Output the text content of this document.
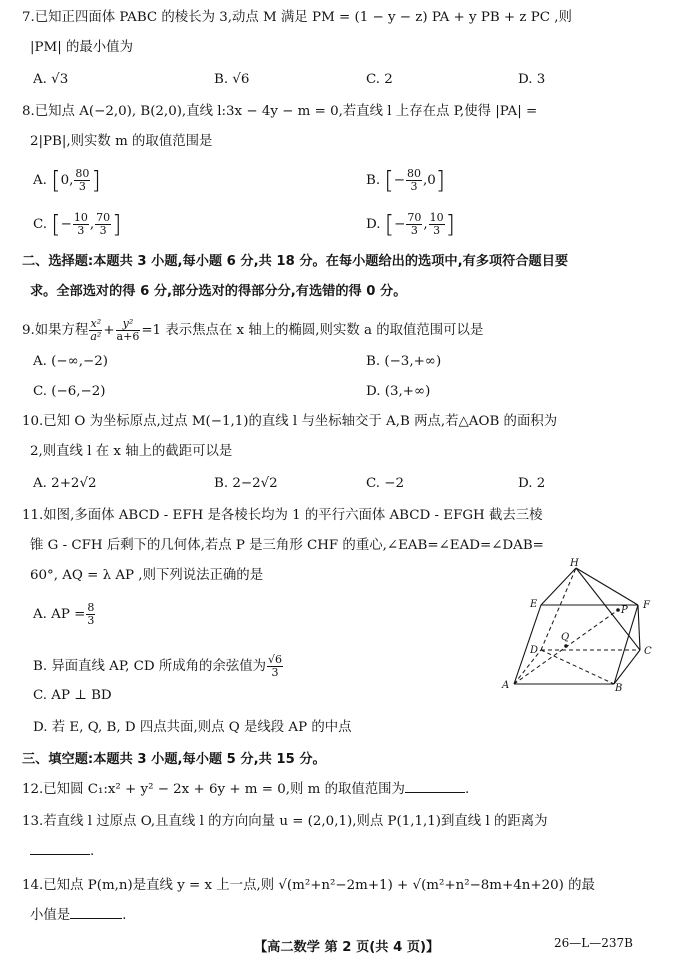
7.已知正四面体 PABC 的棱长为 3,动点 M 满足 PM = (1 − y − z) PA + y PB + z PC ,则
|PM| 的最小值为
A. √3	B. √6	C. 2	D. 3
8.已知点 A(−2,0), B(2,0),直线 l:3x − 4y − m = 0,若直线 l 上存在点 P,使得 |PA| =
2|PB|,则实数 m 的取值范围是
A. [0, $\frac{80}{3}$ ]	B. [− $\frac{80}{3} ,0$]
C. [− $\frac{10}{3}$ , $\frac{70}{3}$ ]	D. [− $\frac{70}{3}$ , $\frac{10}{3}$ ]
二、选择题:本题共 3 小题,每小题 6 分,共 18 分。在每小题给出的选项中,有多项符合题目要
求。全部选对的得 6 分,部分选对的得部分分,有选错的得 0 分。
9.如果方程 $\frac{\text{x²}}{\text{a²}} + \frac{\text{y²}}{a+6} =1$ 表示焦点在 x 轴上的椭圆,则实数 a 的取值范围可以是
A. (−∞,−2)	B. (−3,+∞)
C. (−6,−2)	D. (3,+∞)
10.已知 O 为坐标原点,过点 M(−1,1)的直线 l 与坐标轴交于 A,B 两点,若△AOB 的面积为
2,则直线 l 在 x 轴上的截距可以是
A. 2+2√2	B. 2−2√2	C. −2	D. 2
11.如图,多面体 ABCD - EFH 是各棱长均为 1 的平行六面体 ABCD - EFGH 截去三棱
锥 G - CFH 后剩下的几何体,若点 P 是三角形 CHF 的重心,∠EAB=∠EAD=∠DAB=
60°, AQ = λ AP ,则下列说法正确的是
A. AP = $\frac{8}{3}$
B. 异面直线 AP, CD 所成角的余弦值为 $\frac{√6}{3}$
C. AP ⊥ BD
D. 若 E, Q, B, D 四点共面,则点 Q 是线段 AP 的中点
H
E
P F
Q
D	C
A	B
三、填空题:本题共 3 小题,每小题 5 分,共 15 分。
12.已知圆 C₁:x² + y² − 2x + 6y + m = 0,则 m 的取值范围为	.
13.若直线 l 过原点 O,且直线 l 的方向向量 u = (2,0,1),则点 P(1,1,1)到直线 l 的距离为
.
14.已知点 P(m,n)是直线 y = x 上一点,则 √(m²+n²−2m+1) + √(m²+n²−8m+4n+20) 的最
小值是	.
【高二数学 第 2 页(共 4 页)】	26—L—237B
